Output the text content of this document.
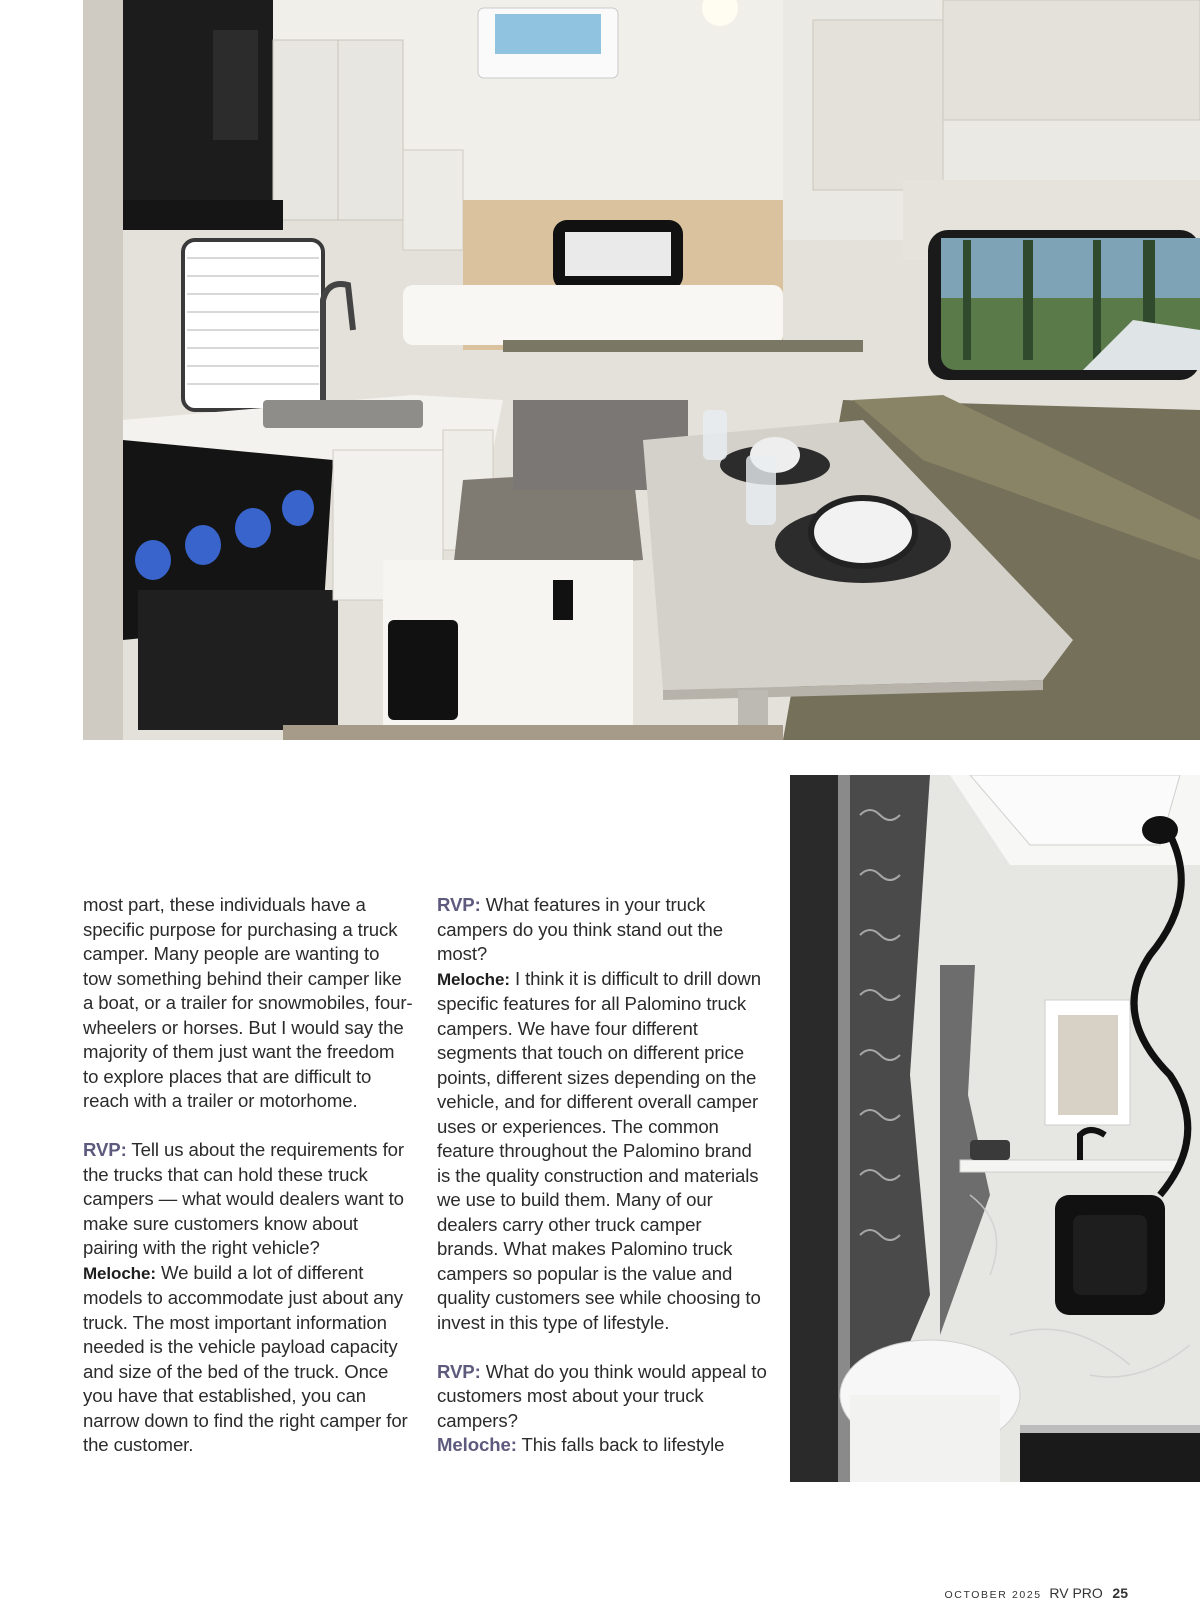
most part, these individuals have a specific purpose for purchasing a truck camper. Many people are wanting to tow something behind their camper like a boat, or a trailer for snowmobiles, four-wheelers or horses. But I would say the majority of them just want the freedom to explore places that are difficult to reach with a trailer or motorhome.

RVP: Tell us about the requirements for the trucks that can hold these truck campers — what would dealers want to make sure customers know about pairing with the right vehicle?
Meloche: We build a lot of different models to accommodate just about any truck. The most important information needed is the vehicle payload capacity and size of the bed of the truck. Once you have that established, you can narrow down to find the right camper for the customer.

RVP: What features in your truck campers do you think stand out the most?
Meloche: I think it is difficult to drill down specific features for all Palomino truck campers. We have four different segments that touch on different price points, different sizes depending on the vehicle, and for different overall camper uses or experiences. The common feature throughout the Palomino brand is the quality construction and materials we use to build them. Many of our dealers carry other truck camper brands. What makes Palomino truck campers so popular is the value and quality customers see while choosing to invest in this type of lifestyle.

RVP: What do you think would appeal to customers most about your truck campers?
Meloche: This falls back to lifestyle

OCTOBER 2025 RV PRO 25
